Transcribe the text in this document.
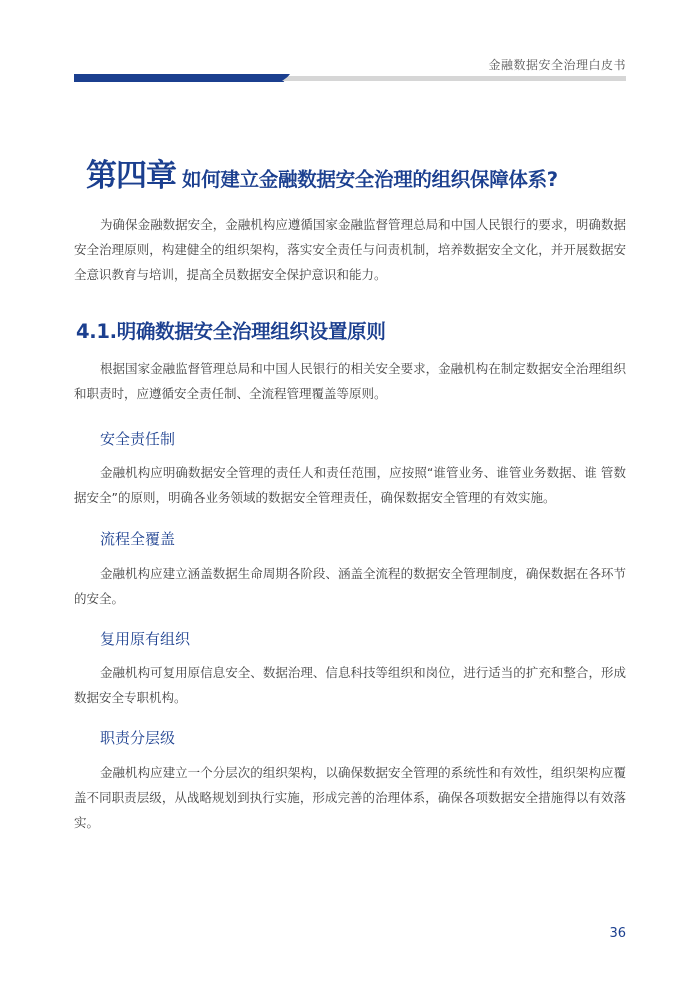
金融数据安全治理白皮书
第四章 如何建立金融数据安全治理的组织保障体系?

为确保金融数据安全，金融机构应遵循国家金融监督管理总局和中国人民银行的要求，明确数据安全治理原则，构建健全的组织架构，落实安全责任与问责机制，培养数据安全文化，并开展数据安全意识教育与培训，提高全员数据安全保护意识和能力。

4.1.明确数据安全治理组织设置原则

根据国家金融监督管理总局和中国人民银行的相关安全要求，金融机构在制定数据安全治理组织和职责时，应遵循安全责任制、全流程管理覆盖等原则。

安全责任制

金融机构应明确数据安全管理的责任人和责任范围，应按照“谁管业务、谁管业务数据、谁 管数据安全”的原则，明确各业务领域的数据安全管理责任，确保数据安全管理的有效实施。

流程全覆盖

金融机构应建立涵盖数据生命周期各阶段、涵盖全流程的数据安全管理制度，确保数据在各环节的安全。

复用原有组织

金融机构可复用原信息安全、数据治理、信息科技等组织和岗位，进行适当的扩充和整合，形成数据安全专职机构。

职责分层级

金融机构应建立一个分层次的组织架构，以确保数据安全管理的系统性和有效性，组织架构应覆盖不同职责层级，从战略规划到执行实施，形成完善的治理体系，确保各项数据安全措施得以有效落实。

36
